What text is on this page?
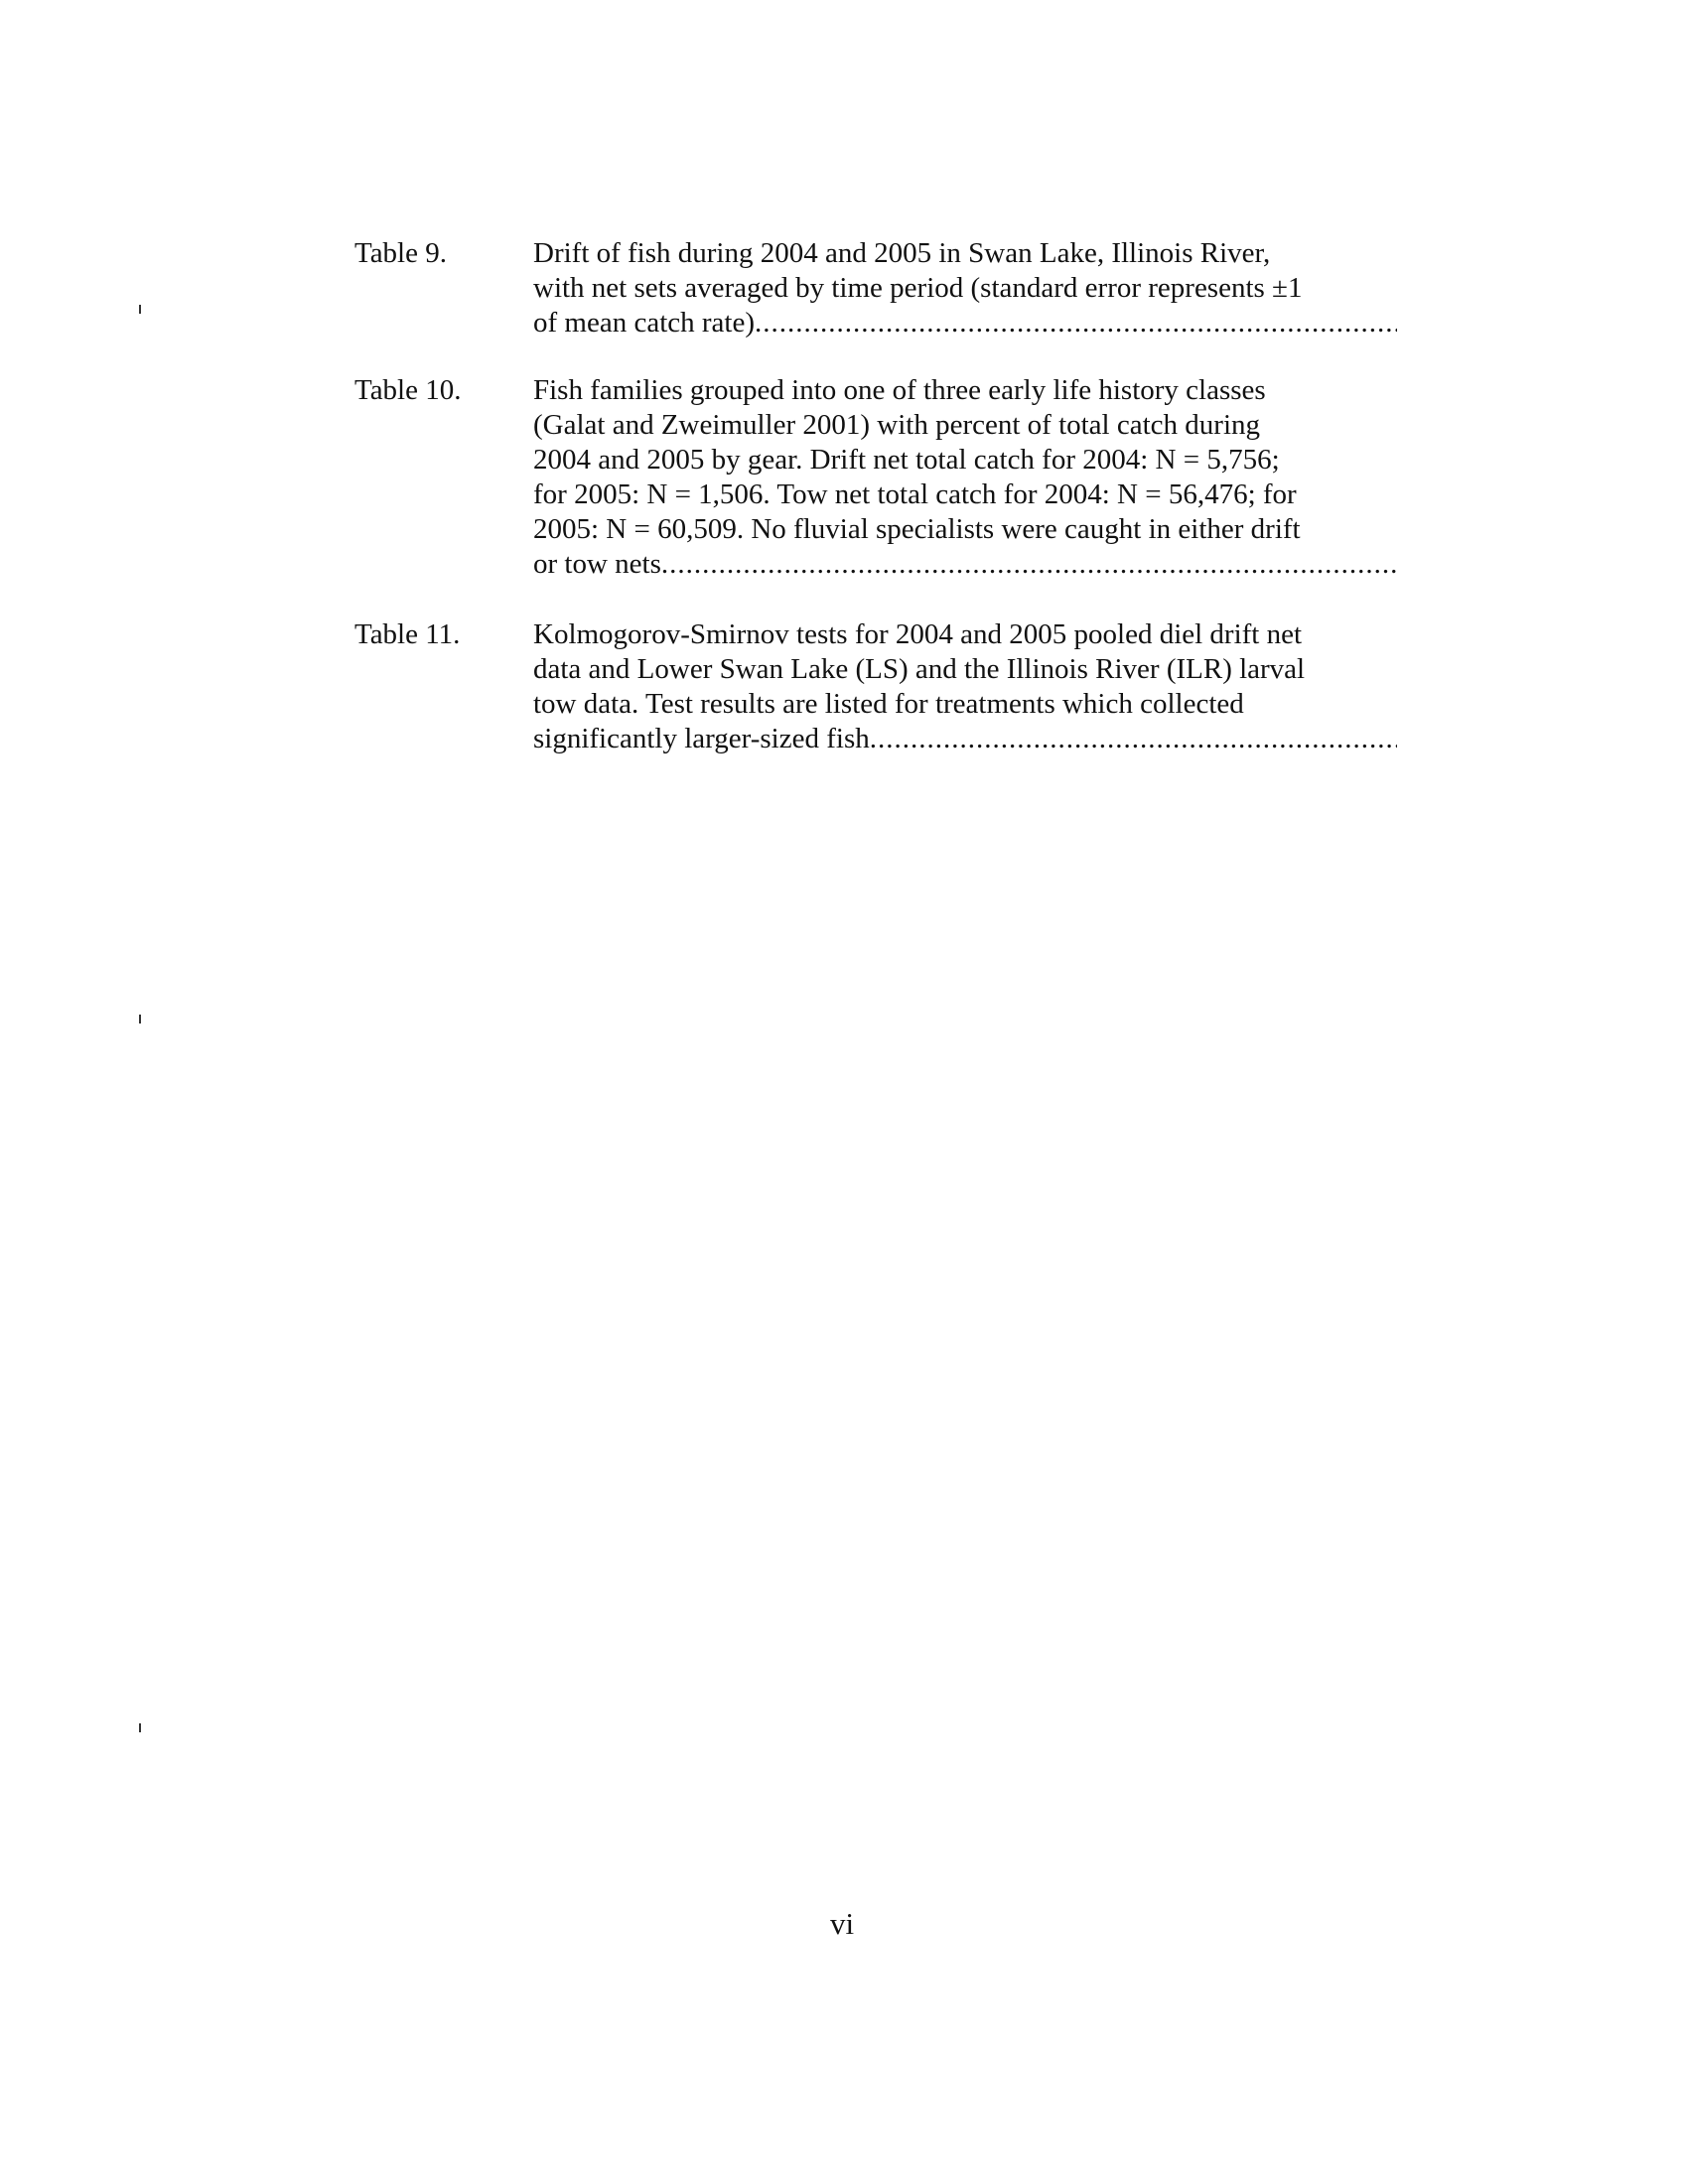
Table 9.	Drift of fish during 2004 and 2005 in Swan Lake, Illinois River,
with net sets averaged by time period (standard error represents ±1
of mean catch rate)
.....
Table 10.	Fish families grouped into one of three early life history classes
(Galat and Zweimuller 2001) with percent of total catch during
2004 and 2005 by gear. Drift net total catch for 2004: N = 5,756;
for 2005: N = 1,506. Tow net total catch for 2004: N = 56,476; for
2005: N = 60,509. No fluvial specialists were caught in either drift
or tow nets
.....
Table 11.	Kolmogorov-Smirnov tests for 2004 and 2005 pooled diel drift net
data and Lower Swan Lake (LS) and the Illinois River (ILR) larval
tow data. Test results are listed for treatments which collected
significantly larger-sized fish
.....
vi
